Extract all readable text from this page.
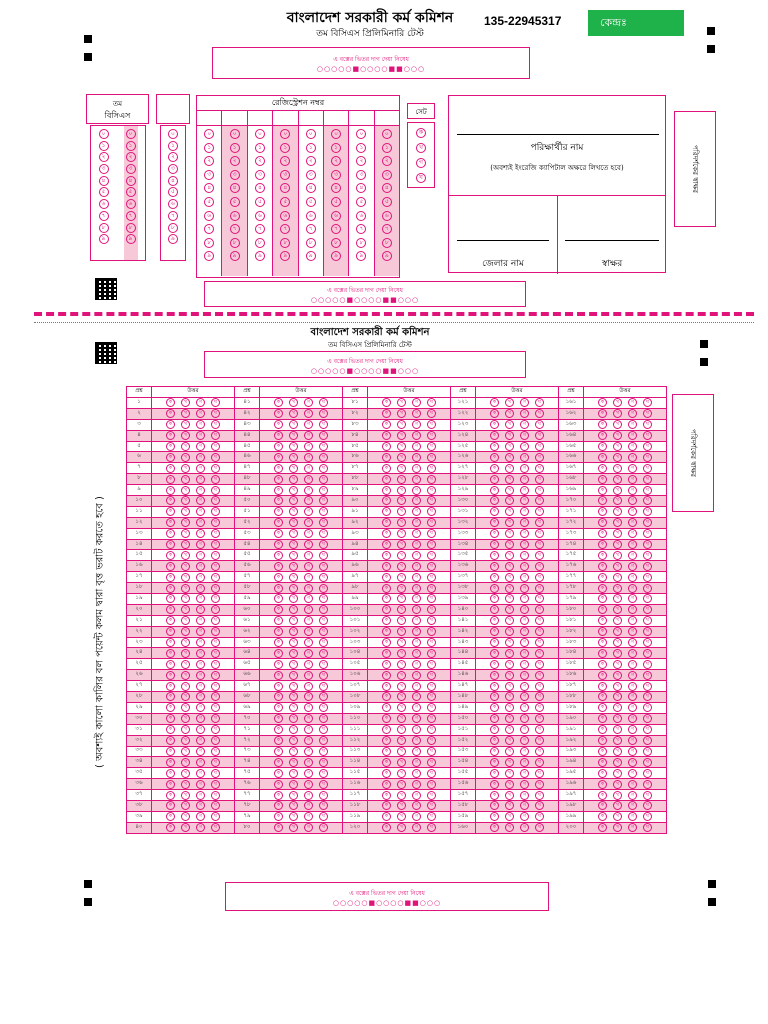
বাংলাদেশ সরকারী কর্ম কমিশন
তম বিসিএস প্রিলিমিনারি টেস্ট
135-22945317	কেন্দ্রঃ
এ বক্সের ভিতর দাগ দেয়া নিষেধ
○○○○○■○○○○■■○○○
তম
বিসিএস
০
১
২
৩
৪
৫
৬
৭
৮
৯
০
১
২
৩
৪
৫
৬
৭
৮
৯
০
১
২
৩
৪
৫
৬
৭
৮
৯
রেজিস্ট্রেশন নম্বর
০
১
২
৩
৪
৫
৬
৭
৮
৯
০
১
২
৩
৪
৫
৬
৭
৮
৯
০
১
২
৩
৪
৫
৬
৭
৮
৯
০
১
২
৩
৪
৫
৬
৭
৮
৯
০
১
২
৩
৪
৫
৬
৭
৮
৯
০
১
২
৩
৪
৫
৬
৭
৮
৯
০
১
২
৩
৪
৫
৬
৭
৮
৯
০
১
২
৩
৪
৫
৬
৭
৮
৯
সেট
ক
খ
গ
ঘ
পরিক্ষার্থীর নাম
(অবশ্যই ইংরেজি ক্যাপিটাল অক্ষরে লিখতে হবে)
জেলার নাম	স্বাক্ষর
পরিদর্শকের স্বাক্ষর
পরিদর্শকের স্বাক্ষর
এ বক্সের ভিতর দাগ দেয়া নিষেধ
○○○○○■○○○○■■○○○
বাংলাদেশ সরকারী কর্ম কমিশন
তম বিসিএস প্রিলিমিনারি টেস্ট
এ বক্সের ভিতর দাগ দেয়া নিষেধ
○○○○○■○○○○■■○○○
( অবশ্যই কালো কালির বল পয়েন্ট কলম দ্বারা বৃত্ত ভরাট করতে হবে )
প্রশ্ন	উত্তর	প্রশ্ন	উত্তর	প্রশ্ন	উত্তর	প্রশ্ন	উত্তর	প্রশ্ন	উত্তর
১	ক খ গ ঘ	৪১	ক খ গ ঘ	৮১	ক খ গ ঘ	১২১	ক খ গ ঘ	১৬১	ক খ গ ঘ
২	ক খ গ ঘ	৪২	ক খ গ ঘ	৮২	ক খ গ ঘ	১২২	ক খ গ ঘ	১৬২	ক খ গ ঘ
৩	ক খ গ ঘ	৪৩	ক খ গ ঘ	৮৩	ক খ গ ঘ	১২৩	ক খ গ ঘ	১৬৩	ক খ গ ঘ
৪	ক খ গ ঘ	৪৪	ক খ গ ঘ	৮৪	ক খ গ ঘ	১২৪	ক খ গ ঘ	১৬৪	ক খ গ ঘ
৫	ক খ গ ঘ	৪৫	ক খ গ ঘ	৮৫	ক খ গ ঘ	১২৫	ক খ গ ঘ	১৬৫	ক খ গ ঘ
৬	ক খ গ ঘ	৪৬	ক খ গ ঘ	৮৬	ক খ গ ঘ	১২৬	ক খ গ ঘ	১৬৬	ক খ গ ঘ
৭	ক খ গ ঘ	৪৭	ক খ গ ঘ	৮৭	ক খ গ ঘ	১২৭	ক খ গ ঘ	১৬৭	ক খ গ ঘ
৮	ক খ গ ঘ	৪৮	ক খ গ ঘ	৮৮	ক খ গ ঘ	১২৮	ক খ গ ঘ	১৬৮	ক খ গ ঘ
৯	ক খ গ ঘ	৪৯	ক খ গ ঘ	৮৯	ক খ গ ঘ	১২৯	ক খ গ ঘ	১৬৯	ক খ গ ঘ
১০	ক খ গ ঘ	৫০	ক খ গ ঘ	৯০	ক খ গ ঘ	১৩০	ক খ গ ঘ	১৭০	ক খ গ ঘ
১১	ক খ গ ঘ	৫১	ক খ গ ঘ	৯১	ক খ গ ঘ	১৩১	ক খ গ ঘ	১৭১	ক খ গ ঘ
১২	ক খ গ ঘ	৫২	ক খ গ ঘ	৯২	ক খ গ ঘ	১৩২	ক খ গ ঘ	১৭২	ক খ গ ঘ
১৩	ক খ গ ঘ	৫৩	ক খ গ ঘ	৯৩	ক খ গ ঘ	১৩৩	ক খ গ ঘ	১৭৩	ক খ গ ঘ
১৪	ক খ গ ঘ	৫৪	ক খ গ ঘ	৯৪	ক খ গ ঘ	১৩৪	ক খ গ ঘ	১৭৪	ক খ গ ঘ
১৫	ক খ গ ঘ	৫৫	ক খ গ ঘ	৯৫	ক খ গ ঘ	১৩৫	ক খ গ ঘ	১৭৫	ক খ গ ঘ
১৬	ক খ গ ঘ	৫৬	ক খ গ ঘ	৯৬	ক খ গ ঘ	১৩৬	ক খ গ ঘ	১৭৬	ক খ গ ঘ
১৭	ক খ গ ঘ	৫৭	ক খ গ ঘ	৯৭	ক খ গ ঘ	১৩৭	ক খ গ ঘ	১৭৭	ক খ গ ঘ
১৮	ক খ গ ঘ	৫৮	ক খ গ ঘ	৯৮	ক খ গ ঘ	১৩৮	ক খ গ ঘ	১৭৮	ক খ গ ঘ
১৯	ক খ গ ঘ	৫৯	ক খ গ ঘ	৯৯	ক খ গ ঘ	১৩৯	ক খ গ ঘ	১৭৯	ক খ গ ঘ
২০	ক খ গ ঘ	৬০	ক খ গ ঘ	১০০	ক খ গ ঘ	১৪০	ক খ গ ঘ	১৮০	ক খ গ ঘ
২১	ক খ গ ঘ	৬১	ক খ গ ঘ	১০১	ক খ গ ঘ	১৪১	ক খ গ ঘ	১৮১	ক খ গ ঘ
২২	ক খ গ ঘ	৬২	ক খ গ ঘ	১০২	ক খ গ ঘ	১৪২	ক খ গ ঘ	১৮২	ক খ গ ঘ
২৩	ক খ গ ঘ	৬৩	ক খ গ ঘ	১০৩	ক খ গ ঘ	১৪৩	ক খ গ ঘ	১৮৩	ক খ গ ঘ
২৪	ক খ গ ঘ	৬৪	ক খ গ ঘ	১০৪	ক খ গ ঘ	১৪৪	ক খ গ ঘ	১৮৪	ক খ গ ঘ
২৫	ক খ গ ঘ	৬৫	ক খ গ ঘ	১০৫	ক খ গ ঘ	১৪৫	ক খ গ ঘ	১৮৫	ক খ গ ঘ
২৬	ক খ গ ঘ	৬৬	ক খ গ ঘ	১০৬	ক খ গ ঘ	১৪৬	ক খ গ ঘ	১৮৬	ক খ গ ঘ
২৭	ক খ গ ঘ	৬৭	ক খ গ ঘ	১০৭	ক খ গ ঘ	১৪৭	ক খ গ ঘ	১৮৭	ক খ গ ঘ
২৮	ক খ গ ঘ	৬৮	ক খ গ ঘ	১০৮	ক খ গ ঘ	১৪৮	ক খ গ ঘ	১৮৮	ক খ গ ঘ
২৯	ক খ গ ঘ	৬৯	ক খ গ ঘ	১০৯	ক খ গ ঘ	১৪৯	ক খ গ ঘ	১৮৯	ক খ গ ঘ
৩০	ক খ গ ঘ	৭০	ক খ গ ঘ	১১০	ক খ গ ঘ	১৫০	ক খ গ ঘ	১৯০	ক খ গ ঘ
৩১	ক খ গ ঘ	৭১	ক খ গ ঘ	১১১	ক খ গ ঘ	১৫১	ক খ গ ঘ	১৯১	ক খ গ ঘ
৩২	ক খ গ ঘ	৭২	ক খ গ ঘ	১১২	ক খ গ ঘ	১৫২	ক খ গ ঘ	১৯২	ক খ গ ঘ
৩৩	ক খ গ ঘ	৭৩	ক খ গ ঘ	১১৩	ক খ গ ঘ	১৫৩	ক খ গ ঘ	১৯৩	ক খ গ ঘ
৩৪	ক খ গ ঘ	৭৪	ক খ গ ঘ	১১৪	ক খ গ ঘ	১৫৪	ক খ গ ঘ	১৯৪	ক খ গ ঘ
৩৫	ক খ গ ঘ	৭৫	ক খ গ ঘ	১১৫	ক খ গ ঘ	১৫৫	ক খ গ ঘ	১৯৫	ক খ গ ঘ
৩৬	ক খ গ ঘ	৭৬	ক খ গ ঘ	১১৬	ক খ গ ঘ	১৫৬	ক খ গ ঘ	১৯৬	ক খ গ ঘ
৩৭	ক খ গ ঘ	৭৭	ক খ গ ঘ	১১৭	ক খ গ ঘ	১৫৭	ক খ গ ঘ	১৯৭	ক খ গ ঘ
৩৮	ক খ গ ঘ	৭৮	ক খ গ ঘ	১১৮	ক খ গ ঘ	১৫৮	ক খ গ ঘ	১৯৮	ক খ গ ঘ
৩৯	ক খ গ ঘ	৭৯	ক খ গ ঘ	১১৯	ক খ গ ঘ	১৫৯	ক খ গ ঘ	১৯৯	ক খ গ ঘ
৪০	ক খ গ ঘ	৮০	ক খ গ ঘ	১২০	ক খ গ ঘ	১৬০	ক খ গ ঘ	২০০	ক খ গ ঘ
এ বক্সের ভিতর দাগ দেয়া নিষেধ
○○○○○■○○○○■■○○○
